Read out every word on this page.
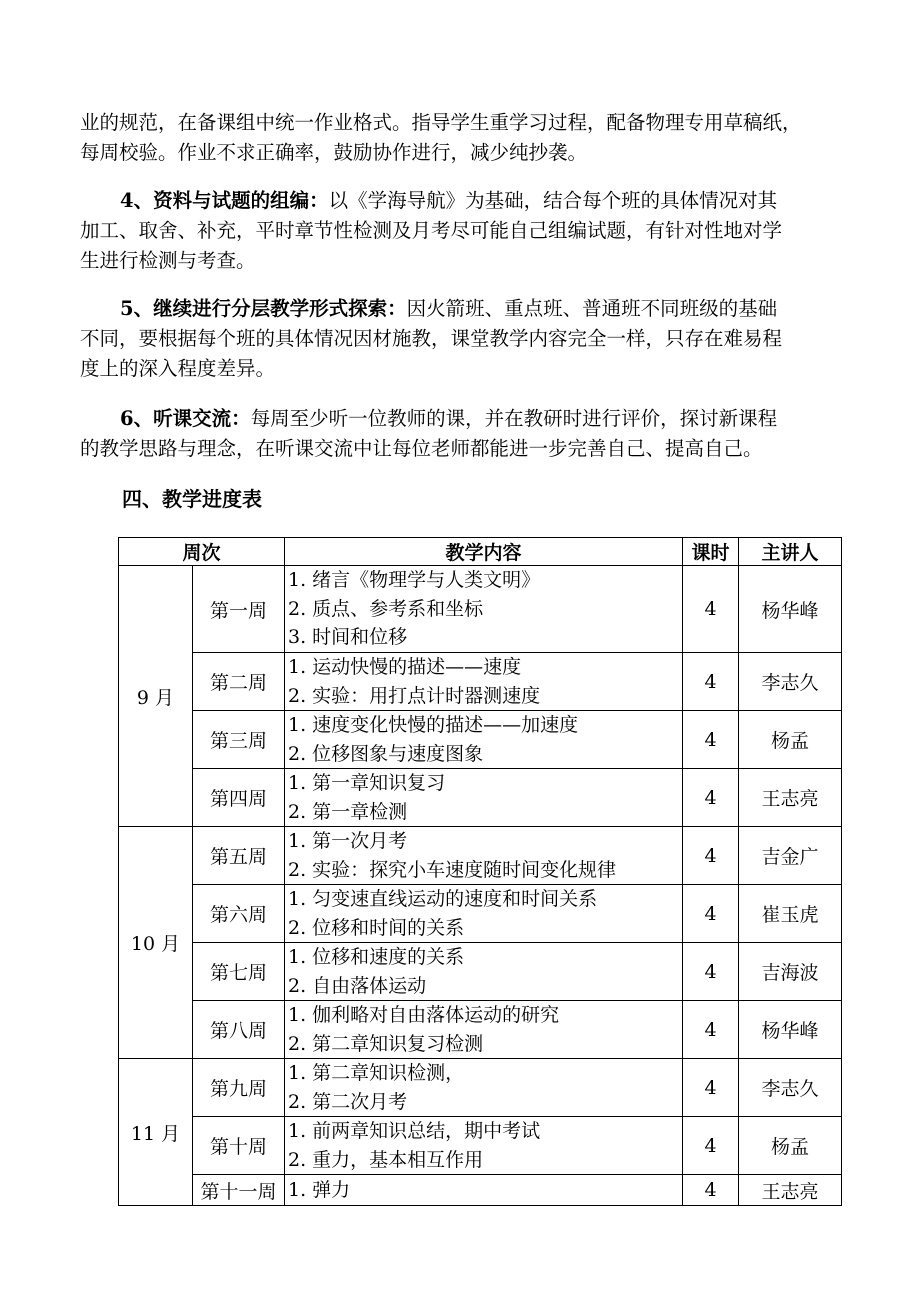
业的规范，在备课组中统一作业格式。指导学生重学习过程，配备物理专用草稿纸，
每周校验。作业不求正确率，鼓励协作进行，减少纯抄袭。

4、资料与试题的组编：以《学海导航》为基础，结合每个班的具体情况对其
加工、取舍、补充，平时章节性检测及月考尽可能自己组编试题，有针对性地对学
生进行检测与考查。

5、继续进行分层教学形式探索：因火箭班、重点班、普通班不同班级的基础
不同，要根据每个班的具体情况因材施教，课堂教学内容完全一样，只存在难易程
度上的深入程度差异。

6、听课交流：每周至少听一位教师的课，并在教研时进行评价，探讨新课程
的教学思路与理念，在听课交流中让每位老师都能进一步完善自己、提高自己。

四、教学进度表

周次		教学内容	课时	主讲人
9 月	第一周	1. 绪言《物理学与人类文明》
2. 质点、参考系和坐标
3. 时间和位移	4	杨华峰
	第二周	1. 运动快慢的描述——速度
2. 实验：用打点计时器测速度	4	李志久
	第三周	1. 速度变化快慢的描述——加速度
2. 位移图象与速度图象	4	杨孟
	第四周	1. 第一章知识复习
2. 第一章检测	4	王志亮
10 月	第五周	1. 第一次月考
2. 实验：探究小车速度随时间变化规律	4	吉金广
	第六周	1. 匀变速直线运动的速度和时间关系
2. 位移和时间的关系	4	崔玉虎
	第七周	1. 位移和速度的关系
2. 自由落体运动	4	吉海波
	第八周	1. 伽利略对自由落体运动的研究
2. 第二章知识复习检测	4	杨华峰
11 月	第九周	1. 第二章知识检测，
2. 第二次月考	4	李志久
	第十周	1. 前两章知识总结，期中考试
2. 重力，基本相互作用	4	杨孟
	第十一周	1. 弹力	4	王志亮
